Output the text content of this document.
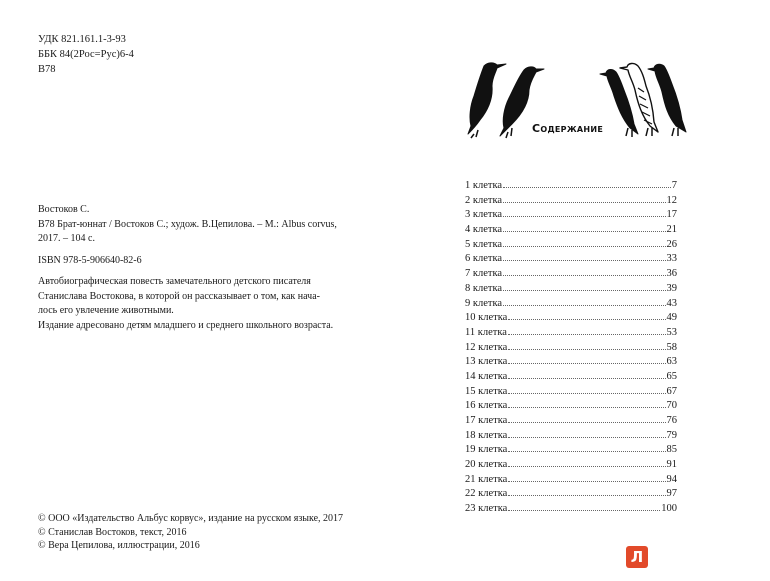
УДК 821.161.1-3-93
ББК 84(2Рос=Рус)6-4
В78
Востоков С.
В78 Брат-юннат / Востоков С.; худож. В.Цепилова. – М.: Albus corvus,
2017. – 104 с.
ISBN 978-5-906640-82-6
Автобиографическая повесть замечательного детского писателя
Станислава Востокова, в которой он рассказывает о том, как нача-
лось его увлечение животными.
Издание адресовано детям младшего и среднего школьного возраста.
© ООО «Издательство Альбус корвус», издание на русском языке, 2017
© Станислав Востоков, текст, 2016
© Вера Цепилова, иллюстрации, 2016
Содержание
1 клетка	7
2 клетка	12
3 клетка	17
4 клетка	21
5 клетка	26
6 клетка	33
7 клетка	36
8 клетка	39
9 клетка	43
10 клетка	49
11 клетка	53
12 клетка	58
13 клетка	63
14 клетка	65
15 клетка	67
16 клетка	70
17 клетка	76
18 клетка	79
19 клетка	85
20 клетка	91
21 клетка	94
22 клетка	97
23 клетка	100
Л
